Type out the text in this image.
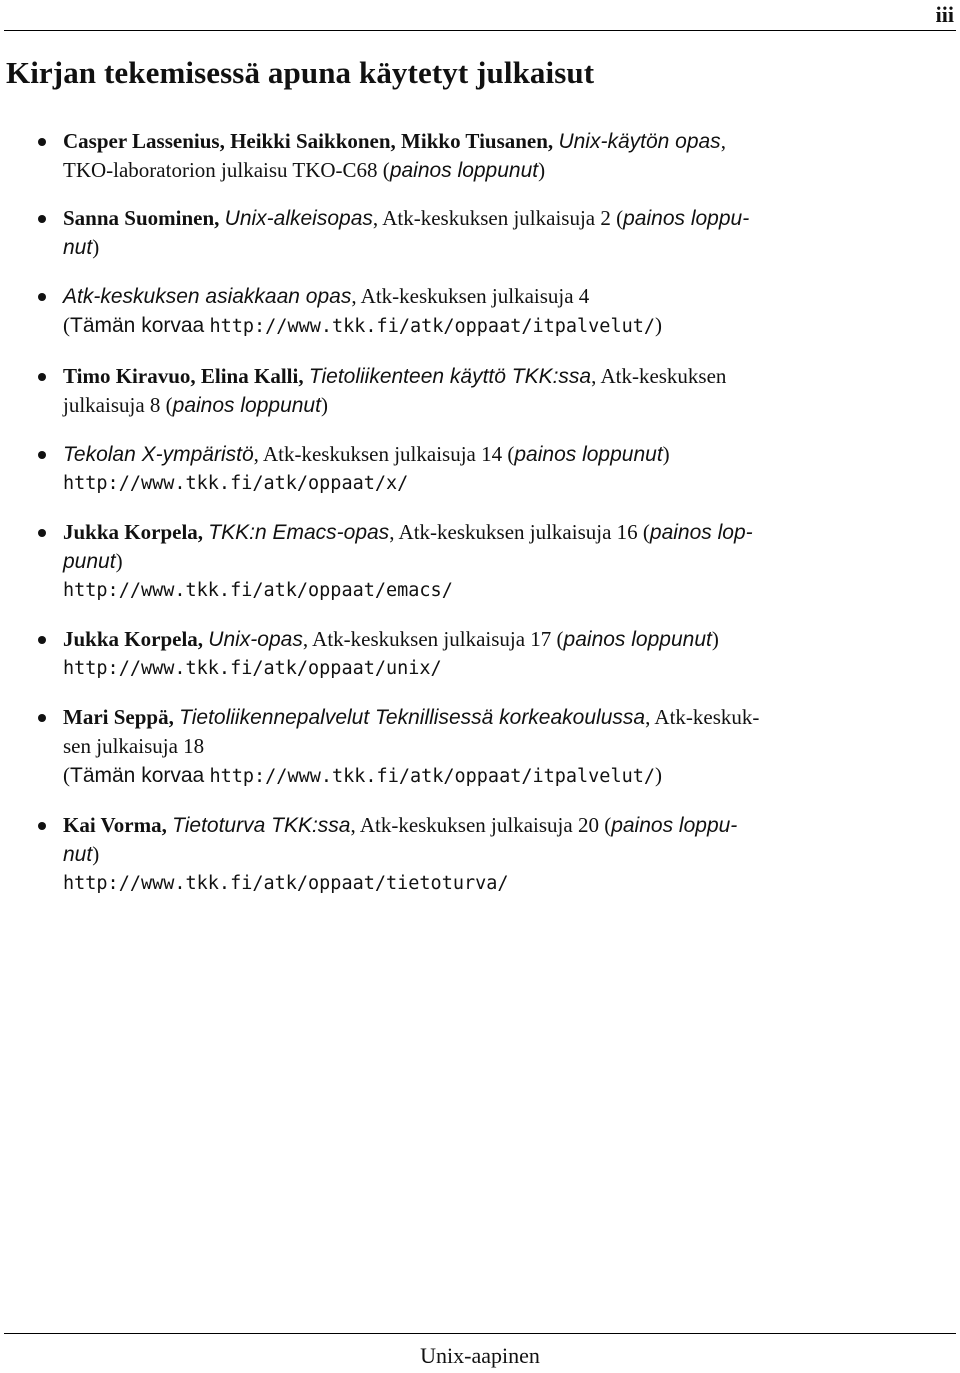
iii
Kirjan tekemisessä apuna käytetyt julkaisut
Casper Lassenius, Heikki Saikkonen, Mikko Tiusanen, Unix-käytön opas,
TKO-laboratorion julkaisu TKO-C68 (painos loppunut)
Sanna Suominen, Unix-alkeisopas, Atk-keskuksen julkaisuja 2 (painos loppu-
nut)
Atk-keskuksen asiakkaan opas, Atk-keskuksen julkaisuja 4
(Tämän korvaa http://www.tkk.fi/atk/oppaat/itpalvelut/)
Timo Kiravuo, Elina Kalli, Tietoliikenteen käyttö TKK:ssa, Atk-keskuksen
julkaisuja 8 (painos loppunut)
Tekolan X-ympäristö, Atk-keskuksen julkaisuja 14 (painos loppunut)
http://www.tkk.fi/atk/oppaat/x/
Jukka Korpela, TKK:n Emacs-opas, Atk-keskuksen julkaisuja 16 (painos lop-
punut)
http://www.tkk.fi/atk/oppaat/emacs/
Jukka Korpela, Unix-opas, Atk-keskuksen julkaisuja 17 (painos loppunut)
http://www.tkk.fi/atk/oppaat/unix/
Mari Seppä, Tietoliikennepalvelut Teknillisessä korkeakoulussa, Atk-keskuk-
sen julkaisuja 18
(Tämän korvaa http://www.tkk.fi/atk/oppaat/itpalvelut/)
Kai Vorma, Tietoturva TKK:ssa, Atk-keskuksen julkaisuja 20 (painos loppu-
nut)
http://www.tkk.fi/atk/oppaat/tietoturva/
Unix-aapinen
